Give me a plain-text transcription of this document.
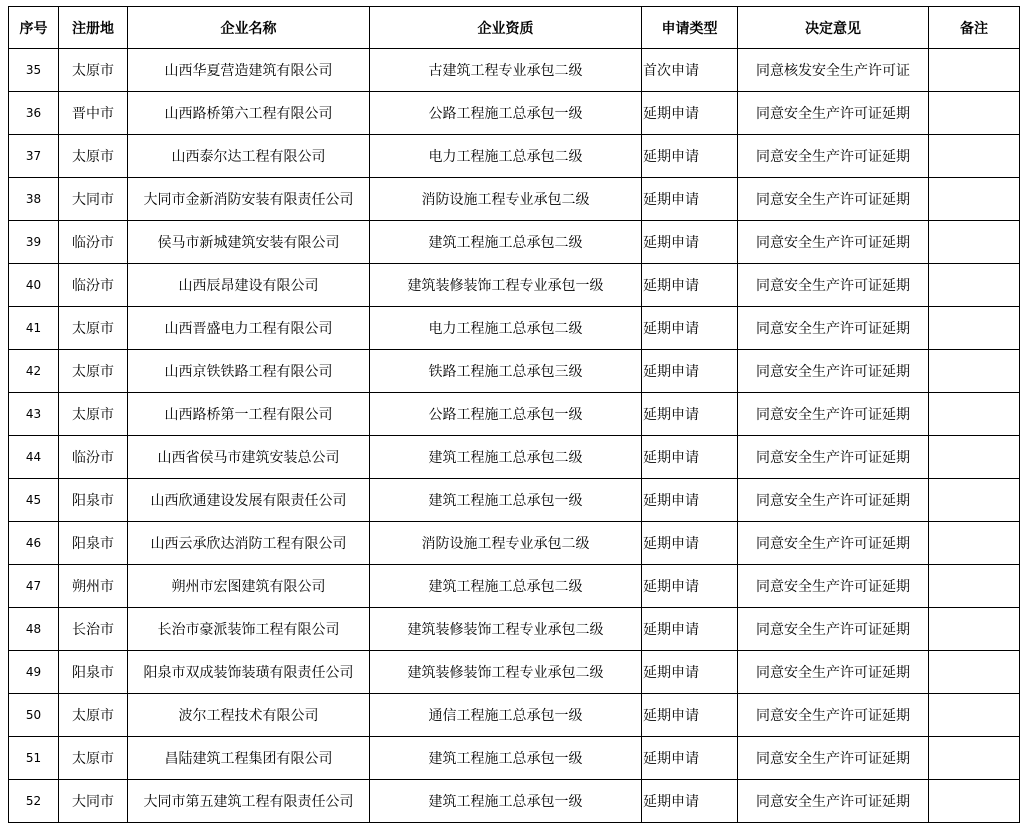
序号	注册地	企业名称	企业资质	申请类型	决定意见	备注
35	太原市	山西华夏营造建筑有限公司	古建筑工程专业承包二级	首次申请	同意核发安全生产许可证	
36	晋中市	山西路桥第六工程有限公司	公路工程施工总承包一级	延期申请	同意安全生产许可证延期	
37	太原市	山西泰尔达工程有限公司	电力工程施工总承包二级	延期申请	同意安全生产许可证延期	
38	大同市	大同市金新消防安装有限责任公司	消防设施工程专业承包二级	延期申请	同意安全生产许可证延期	
39	临汾市	侯马市新城建筑安装有限公司	建筑工程施工总承包二级	延期申请	同意安全生产许可证延期	
40	临汾市	山西辰昂建设有限公司	建筑装修装饰工程专业承包一级	延期申请	同意安全生产许可证延期	
41	太原市	山西晋盛电力工程有限公司	电力工程施工总承包二级	延期申请	同意安全生产许可证延期	
42	太原市	山西京铁铁路工程有限公司	铁路工程施工总承包三级	延期申请	同意安全生产许可证延期	
43	太原市	山西路桥第一工程有限公司	公路工程施工总承包一级	延期申请	同意安全生产许可证延期	
44	临汾市	山西省侯马市建筑安装总公司	建筑工程施工总承包二级	延期申请	同意安全生产许可证延期	
45	阳泉市	山西欣通建设发展有限责任公司	建筑工程施工总承包一级	延期申请	同意安全生产许可证延期	
46	阳泉市	山西云承欣达消防工程有限公司	消防设施工程专业承包二级	延期申请	同意安全生产许可证延期	
47	朔州市	朔州市宏图建筑有限公司	建筑工程施工总承包二级	延期申请	同意安全生产许可证延期	
48	长治市	长治市豪派装饰工程有限公司	建筑装修装饰工程专业承包二级	延期申请	同意安全生产许可证延期	
49	阳泉市	阳泉市双成装饰装璜有限责任公司	建筑装修装饰工程专业承包二级	延期申请	同意安全生产许可证延期	
50	太原市	波尔工程技术有限公司	通信工程施工总承包一级	延期申请	同意安全生产许可证延期	
51	太原市	昌陆建筑工程集团有限公司	建筑工程施工总承包一级	延期申请	同意安全生产许可证延期	
52	大同市	大同市第五建筑工程有限责任公司	建筑工程施工总承包一级	延期申请	同意安全生产许可证延期	
